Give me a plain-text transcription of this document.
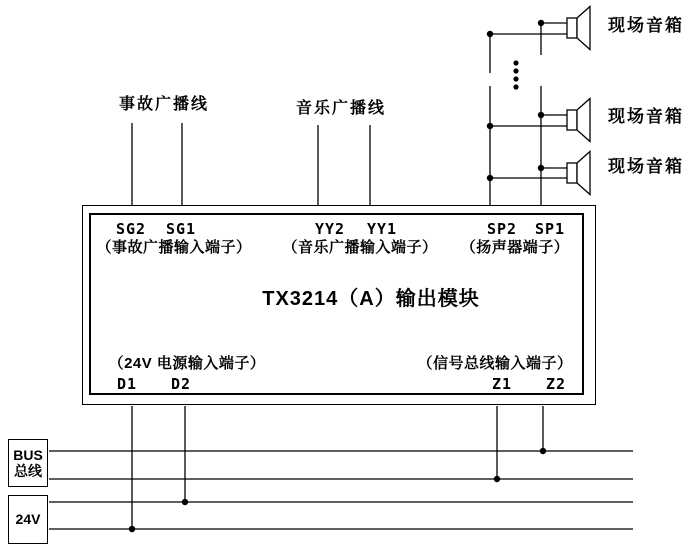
BUS
总线
24V
事故广播线	音乐广播线
现场音箱
现场音箱
现场音箱
SG2 SG1
（事故广播输入端子）
YY2 YY1
（音乐广播输入端子）
SP2 SP1
（扬声器端子）
TX3214（A）输出模块
（24V 电源输入端子）
D1 D2
（信号总线输入端子）
Z1 Z2
